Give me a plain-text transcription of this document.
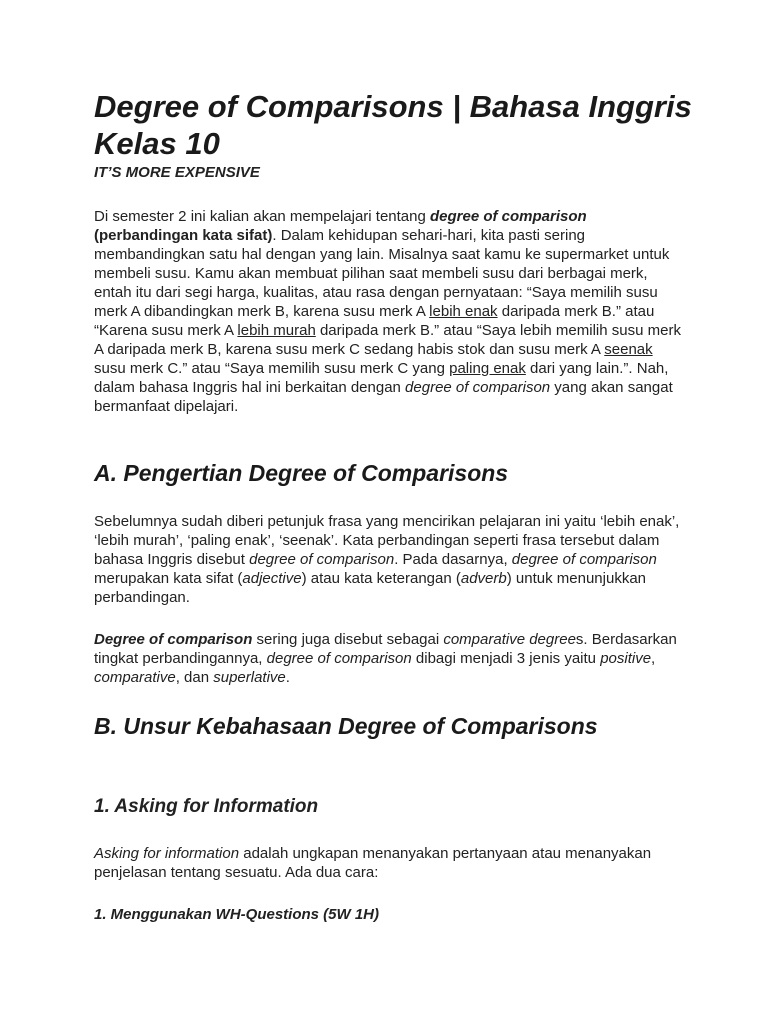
Degree of Comparisons | Bahasa Inggris Kelas 10

IT’S MORE EXPENSIVE

Di semester 2 ini kalian akan mempelajari tentang degree of comparison (perbandingan kata sifat). Dalam kehidupan sehari-hari, kita pasti sering membandingkan satu hal dengan yang lain. Misalnya saat kamu ke supermarket untuk membeli susu. Kamu akan membuat pilihan saat membeli susu dari berbagai merk, entah itu dari segi harga, kualitas, atau rasa dengan pernyataan: “Saya memilih susu merk A dibandingkan merk B, karena susu merk A lebih enak daripada merk B.” atau “Karena susu merk A lebih murah daripada merk B.” atau “Saya lebih memilih susu merk A daripada merk B, karena susu merk C sedang habis stok dan susu merk A seenak susu merk C.” atau “Saya memilih susu merk C yang paling enak dari yang lain.”. Nah, dalam bahasa Inggris hal ini berkaitan dengan degree of comparison yang akan sangat bermanfaat dipelajari.

A. Pengertian Degree of Comparisons

Sebelumnya sudah diberi petunjuk frasa yang mencirikan pelajaran ini yaitu ‘lebih enak’, ‘lebih murah’, ‘paling enak’, ‘seenak’. Kata perbandingan seperti frasa tersebut dalam bahasa Inggris disebut degree of comparison. Pada dasarnya, degree of comparison merupakan kata sifat (adjective) atau kata keterangan (adverb) untuk menunjukkan perbandingan.

Degree of comparison sering juga disebut sebagai comparative degrees. Berdasarkan tingkat perbandingannya, degree of comparison dibagi menjadi 3 jenis yaitu positive, comparative, dan superlative.

B. Unsur Kebahasaan Degree of Comparisons
1. Asking for Information

Asking for information adalah ungkapan menanyakan pertanyaan atau menanyakan penjelasan tentang sesuatu. Ada dua cara:

1. Menggunakan WH-Questions (5W 1H)
